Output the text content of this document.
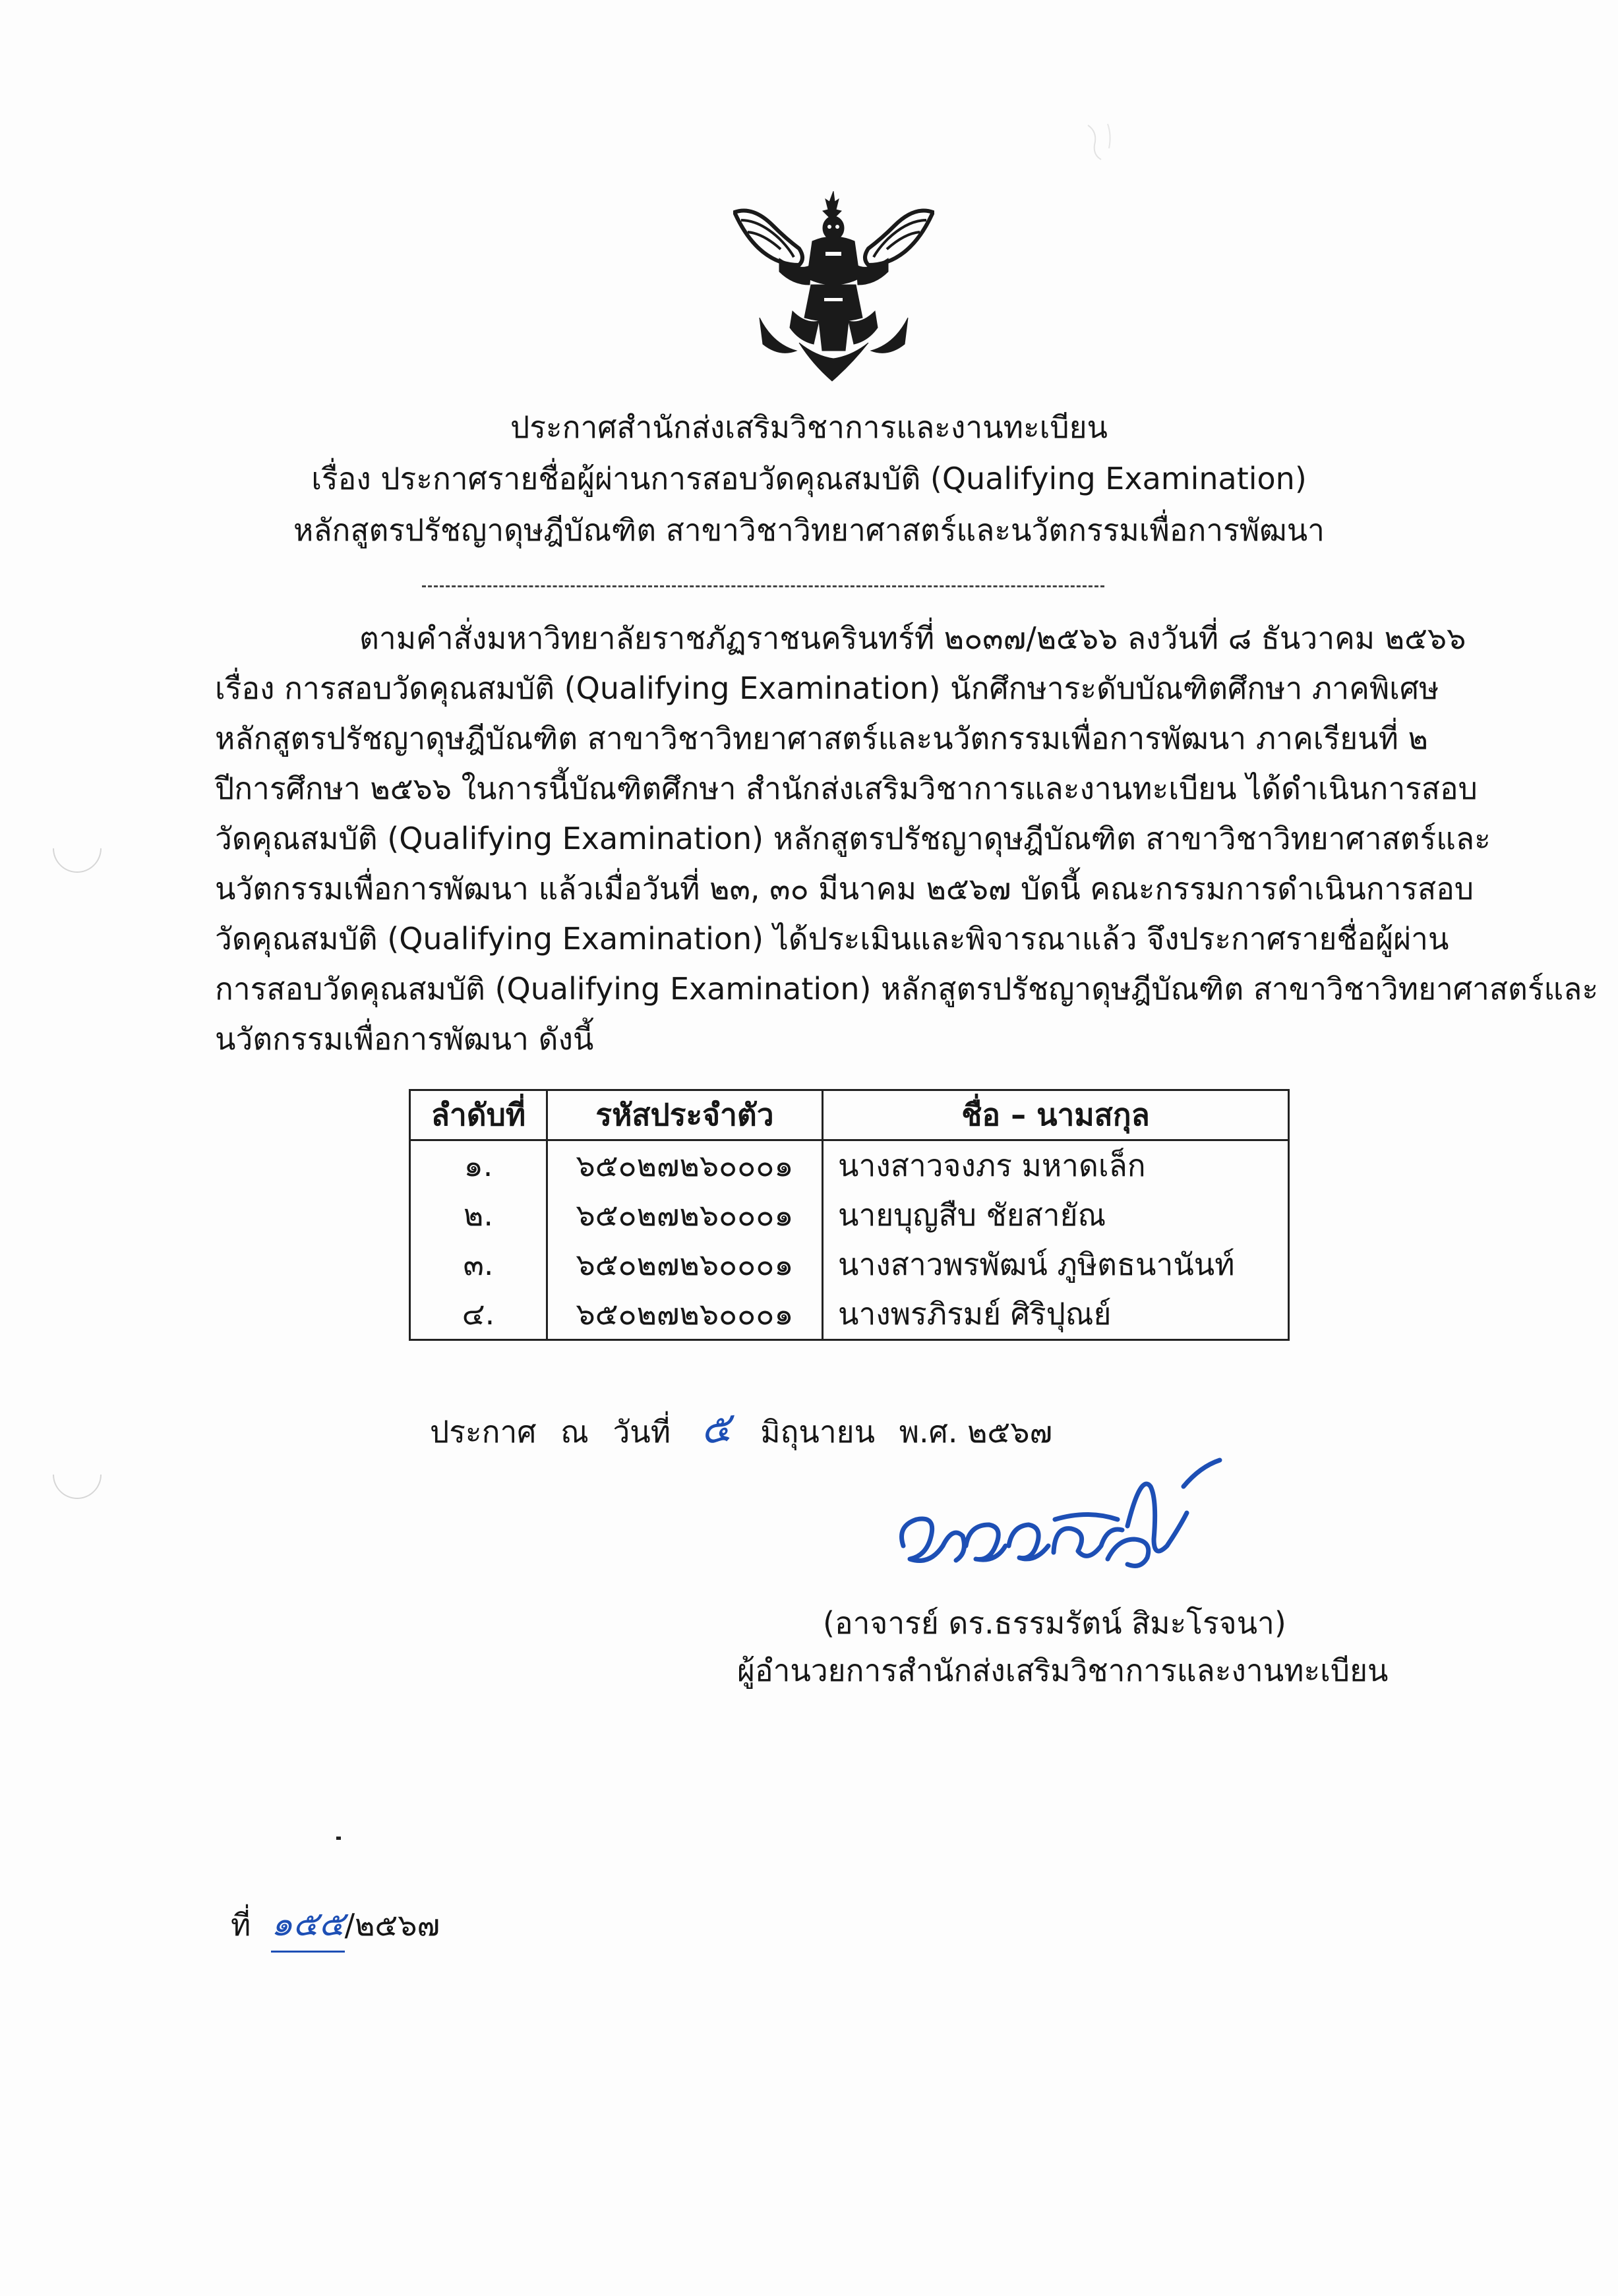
ประกาศสำนักส่งเสริมวิชาการและงานทะเบียน
เรื่อง ประกาศรายชื่อผู้ผ่านการสอบวัดคุณสมบัติ (Qualifying Examination)
หลักสูตรปรัชญาดุษฎีบัณฑิต สาขาวิชาวิทยาศาสตร์และนวัตกรรมเพื่อการพัฒนา
ตามคำสั่งมหาวิทยาลัยราชภัฏราชนครินทร์ที่ ๒๐๓๗/๒๕๖๖ ลงวันที่ ๘ ธันวาคม ๒๕๖๖
เรื่อง การสอบวัดคุณสมบัติ (Qualifying Examination) นักศึกษาระดับบัณฑิตศึกษา ภาคพิเศษ
หลักสูตรปรัชญาดุษฎีบัณฑิต สาขาวิชาวิทยาศาสตร์และนวัตกรรมเพื่อการพัฒนา ภาคเรียนที่ ๒
ปีการศึกษา ๒๕๖๖ ในการนี้บัณฑิตศึกษา สำนักส่งเสริมวิชาการและงานทะเบียน ได้ดำเนินการสอบ
วัดคุณสมบัติ (Qualifying Examination) หลักสูตรปรัชญาดุษฎีบัณฑิต สาขาวิชาวิทยาศาสตร์และ
นวัตกรรมเพื่อการพัฒนา แล้วเมื่อวันที่ ๒๓, ๓๐ มีนาคม ๒๕๖๗ บัดนี้ คณะกรรมการดำเนินการสอบ
วัดคุณสมบัติ (Qualifying Examination) ได้ประเมินและพิจารณาแล้ว จึงประกาศรายชื่อผู้ผ่าน
การสอบวัดคุณสมบัติ (Qualifying Examination) หลักสูตรปรัชญาดุษฎีบัณฑิต สาขาวิชาวิทยาศาสตร์และ
นวัตกรรมเพื่อการพัฒนา ดังนี้
ลำดับที่	รหัสประจำตัว	ชื่อ – นามสกุล
๑.	๖๕๐๒๗๒๖๐๐๐๑	นางสาวจงภร มหาดเล็ก
๒.	๖๕๐๒๗๒๖๐๐๐๑	นายบุญสืบ ชัยสายัณ
๓.	๖๕๐๒๗๒๖๐๐๐๑	นางสาวพรพัฒน์ ภูษิตธนานันท์
๔.	๖๕๐๒๗๒๖๐๐๐๑	นางพรภิรมย์ ศิริปุณย์
ประกาศ ณ วันที่ ๕ มิถุนายน พ.ศ. ๒๕๖๗
(อาจารย์ ดร.ธรรมรัตน์ สิมะโรจนา)
ผู้อำนวยการสำนักส่งเสริมวิชาการและงานทะเบียน
ที่ ๑๕๕/๒๕๖๗
